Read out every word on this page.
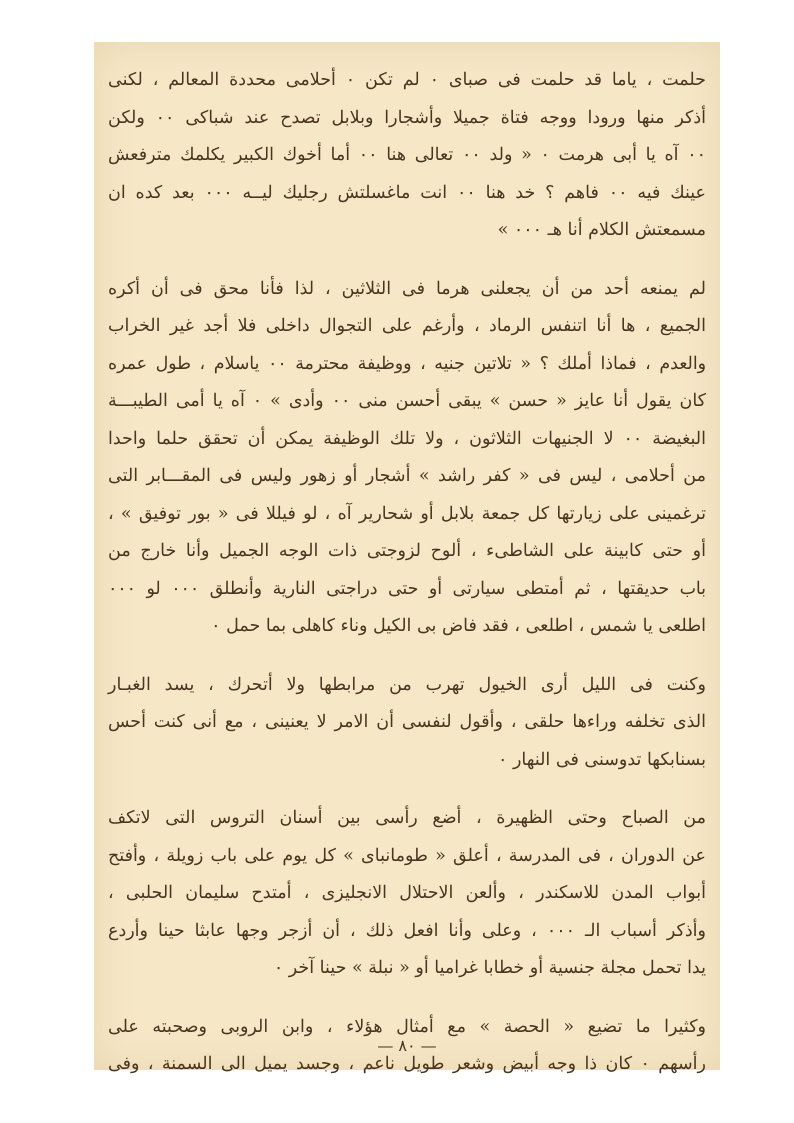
حلمت ، ياما قد حلمت فى صباى ٠ لم تكن ٠ أحلامى محددة المعالم ، لكنى
أذكر منها ورودا ووجه فتاة جميلا وأشجارا وبلابل تصدح عند شباكى ٠٠ ولكن
٠٠ آه يا أبى هرمت ٠ « ولد ٠٠ تعالى هنا ٠٠ أما أخوك الكبير يكلمك مترفعش
عينك فيه ٠٠ فاهم ؟ خد هنا ٠٠ انت ماغسلتش رجليك ليــه ٠٠٠ بعد كده ان
مسمعتش الكلام أنا هـ ٠٠٠ »
لم يمنعه أحد من أن يجعلنى هرما فى الثلاثين ، لذا فأنا محق فى أن أكره
الجميع ، ها أنا اتنفس الرماد ، وأرغم على التجوال داخلى فلا أجد غير الخراب
والعدم ، فماذا أملك ؟ « تلاتين جنيه ، ووظيفة محترمة ٠٠ ياسلام ، طول عمره
كان يقول أنا عايز « حسن » يبقى أحسن منى ٠٠ وأدى » ٠ آه يا أمى الطيبـــة
البغيضة ٠٠ لا الجنيهات الثلاثون ، ولا تلك الوظيفة يمكن أن تحقق حلما واحدا
من أحلامى ، ليس فى « كفر راشد » أشجار أو زهور وليس فى المقـــابر التى
ترغمينى على زيارتها كل جمعة بلابل أو شحارير آه ، لو فيللا فى « بور توفيق » ،
أو حتى كابينة على الشاطىء ، ألوح لزوجتى ذات الوجه الجميل وأنا خارج من
باب حديقتها ، ثم أمتطى سيارتى أو حتى دراجتى النارية وأنطلق ٠٠٠ لو ٠٠٠
اطلعى يا شمس ، اطلعى ، فقد فاض بى الكيل وناء كاهلى بما حمل ٠
وكنت فى الليل أرى الخيول تهرب من مرابطها ولا أتحرك ، يسد الغبـار
الذى تخلفه وراءها حلقى ، وأقول لنفسى أن الامر لا يعنينى ، مع أنى كنت أحس
بسنابكها تدوسنى فى النهار ٠
من الصباح وحتى الظهيرة ، أضع رأسى بين أسنان التروس التى لاتكف
عن الدوران ، فى المدرسة ، أعلق « طومانباى » كل يوم على باب زويلة ، وأفتح
أبواب المدن للاسكندر ، وألعن الاحتلال الانجليزى ، أمتدح سليمان الحلبى ،
وأذكر أسباب الـ ٠٠٠ ، وعلى وأنا افعل ذلك ، أن أزجر وجها عابثا حينا وأردع
يدا تحمل مجلة جنسية أو خطابا غراميا أو « نبلة » حينا آخر ٠
وكثيرا ما تضيع « الحصة » مع أمثال هؤلاء ، وابن الروبى وصحبته على
رأسهم ٠ كان ذا وجه أبيض وشعر طويل ناعم ، وجسد يميل الى السمنة ، وفى
— ٨٠ —
